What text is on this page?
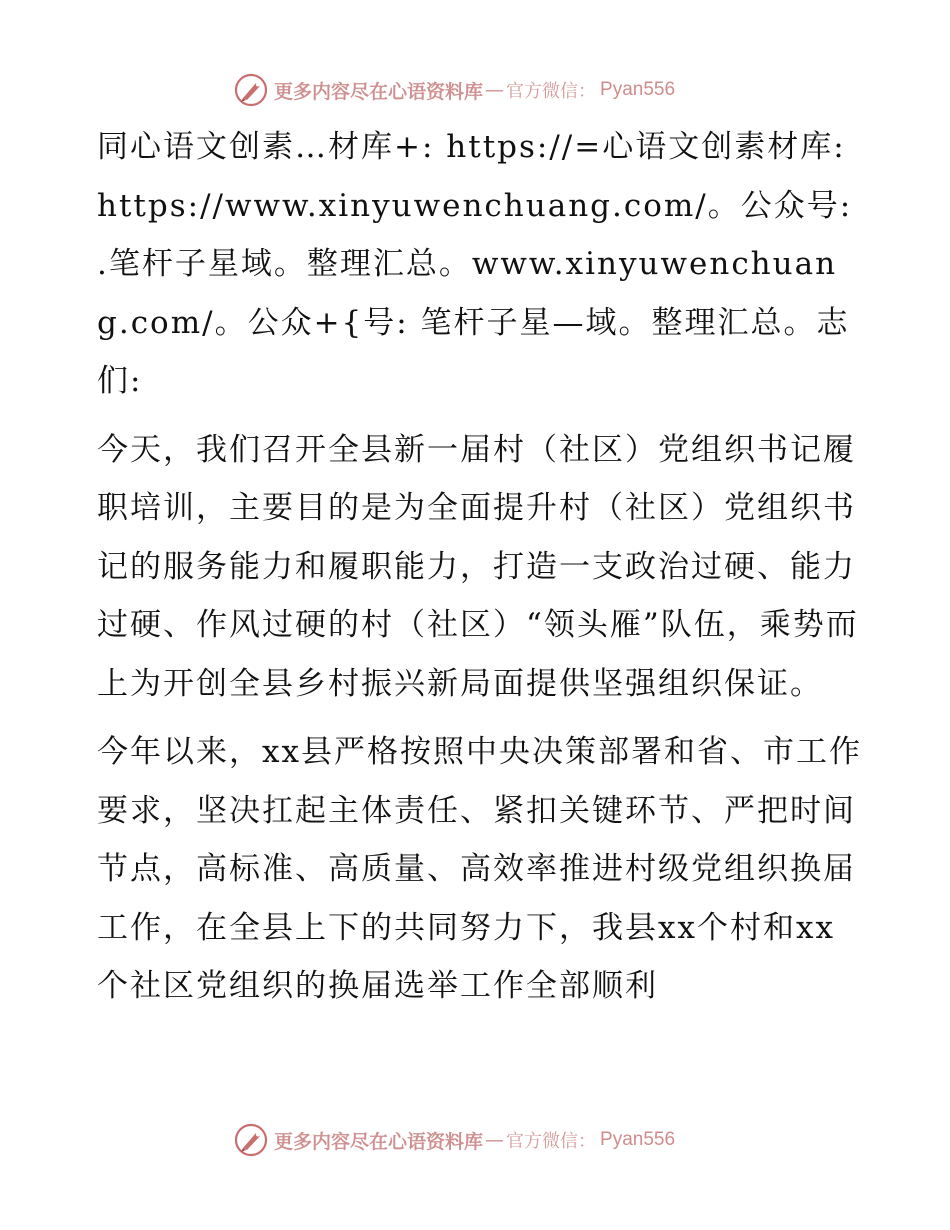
更多内容尽在心语资料库 — 官方微信： Pyan556

同心语文创素…材库+: https://=心语文创素材库: https://www.xinyuwenchuang.com/。公众号: .笔杆子星域。整理汇总。www.xinyuwenchuang.com/。公众+{号: 笔杆子星—域。整理汇总。志们:

今天，我们召开全县新一届村（社区）党组织书记履职培训，主要目的是为全面提升村（社区）党组织书记的服务能力和履职能力，打造一支政治过硬、能力过硬、作风过硬的村（社区）“领头雁”队伍，乘势而上为开创全县乡村振兴新局面提供坚强组织保证。

今年以来，xx县严格按照中央决策部署和省、市工作要求，坚决扛起主体责任、紧扣关键环节、严把时间节点，高标准、高质量、高效率推进村级党组织换届工作，在全县上下的共同努力下，我县xx个村和xx个社区党组织的换届选举工作全部顺利

更多内容尽在心语资料库 — 官方微信： Pyan556
